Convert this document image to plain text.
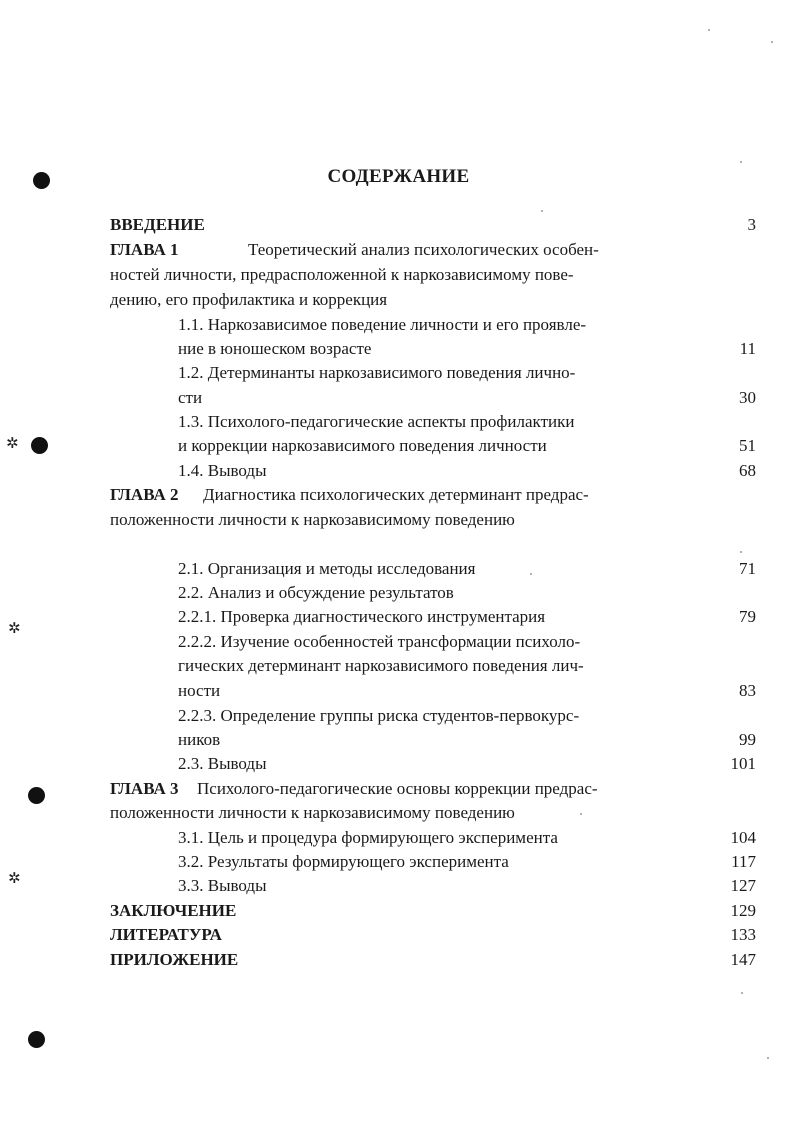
✲
✲
✲
СОДЕРЖАНИЕ
ВВЕДЕНИЕ	3
ГЛАВА 1	Теоретический анализ психологических особен-
ностей личности, предрасположенной к наркозависимому пове-
дению, его профилактика и коррекция
1.1. Наркозависимое поведение личности и его проявле-
ние в юношеском возрасте	11
1.2. Детерминанты наркозависимого поведения лично-
сти	30
1.3. Психолого-педагогические аспекты профилактики
и коррекции наркозависимого поведения личности	51
1.4. Выводы	68
ГЛАВА 2 Диагностика психологических детерминант предрас-
положенности личности к наркозависимому поведению
2.1. Организация и методы исследования	71
2.2. Анализ и обсуждение результатов
2.2.1. Проверка диагностического инструментария	79
2.2.2. Изучение особенностей трансформации психоло-
гических детерминант наркозависимого поведения лич-
ности	83
2.2.3. Определение группы риска студентов-первокурс-
ников	99
2.3. Выводы	101
ГЛАВА 3 Психолого-педагогические основы коррекции предрас-
положенности личности к наркозависимому поведению
3.1. Цель и процедура формирующего эксперимента	104
3.2. Результаты формирующего эксперимента	117
3.3. Выводы	127
ЗАКЛЮЧЕНИЕ	129
ЛИТЕРАТУРА	133
ПРИЛОЖЕНИЕ	147
